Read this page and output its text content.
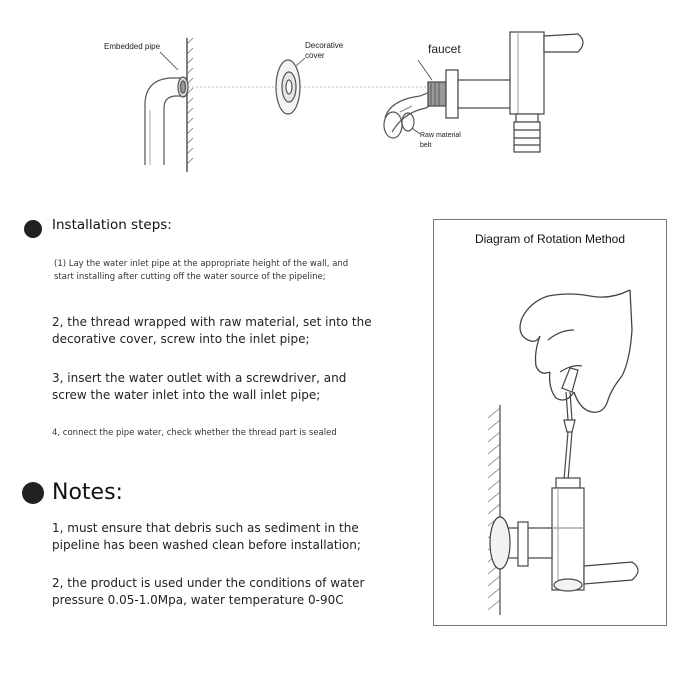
Embedded pipe	Decorative
cover	faucet
Raw material
belt
Installation steps:
(1) Lay the water inlet pipe at the appropriate height of the wall, and
start installing after cutting off the water source of the pipeline;
2, the thread wrapped with raw material, set into the
decorative cover, screw into the inlet pipe;
3, insert the water outlet with a screwdriver, and
screw the water inlet into the wall inlet pipe;
4, connect the pipe water, check whether the thread part is sealed
Notes:
1, must ensure that debris such as sediment in the
pipeline has been washed clean before installation;
2, the product is used under the conditions of water
pressure 0.05-1.0Mpa, water temperature 0-90C
Diagram of Rotation Method
